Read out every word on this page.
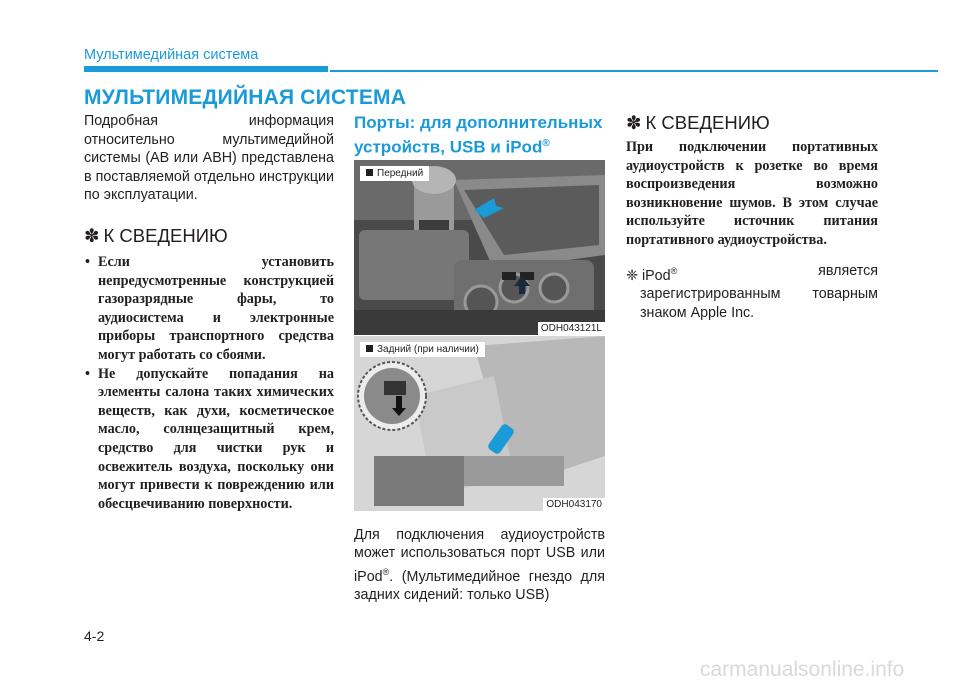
Мультимедийная система
МУЛЬТИМЕДИЙНАЯ СИСТЕМА

Подробная информация относительно мультимедийной системы (АВ или АВН) представлена в поставляемой отдельно инструкции по эксплуатации.

✽ К СВЕДЕНИЮ
• Если установить непредусмотренные конструкцией газоразрядные фары, то аудиосистема и электронные приборы транспортного средства могут работать со сбоями.
• Не допускайте попадания на элементы салона таких химических веществ, как духи, косметическое масло, солнцезащитный крем, средство для чистки рук и освежитель воздуха, поскольку они могут привести к повреждению или обесцвечиванию поверхности.
Порты: для дополнительных устройств, USB и iPod®
Передний
ODH043121L
Задний (при наличии)
ODH043170

Для подключения аудиоустройств может использоваться порт USB или iPod®. (Мультимедийное гнездо для задних сидений: только USB)

✽ К СВЕДЕНИЮ

При подключении портативных аудиоустройств к розетке во время воспроизведения возможно возникновение шумов. В этом случае используйте источник питания портативного аудиоустройства.

❈ iPod®	является
зарегистрированным товарным знаком Apple Inc.
4-2
carmanualsonline.info
